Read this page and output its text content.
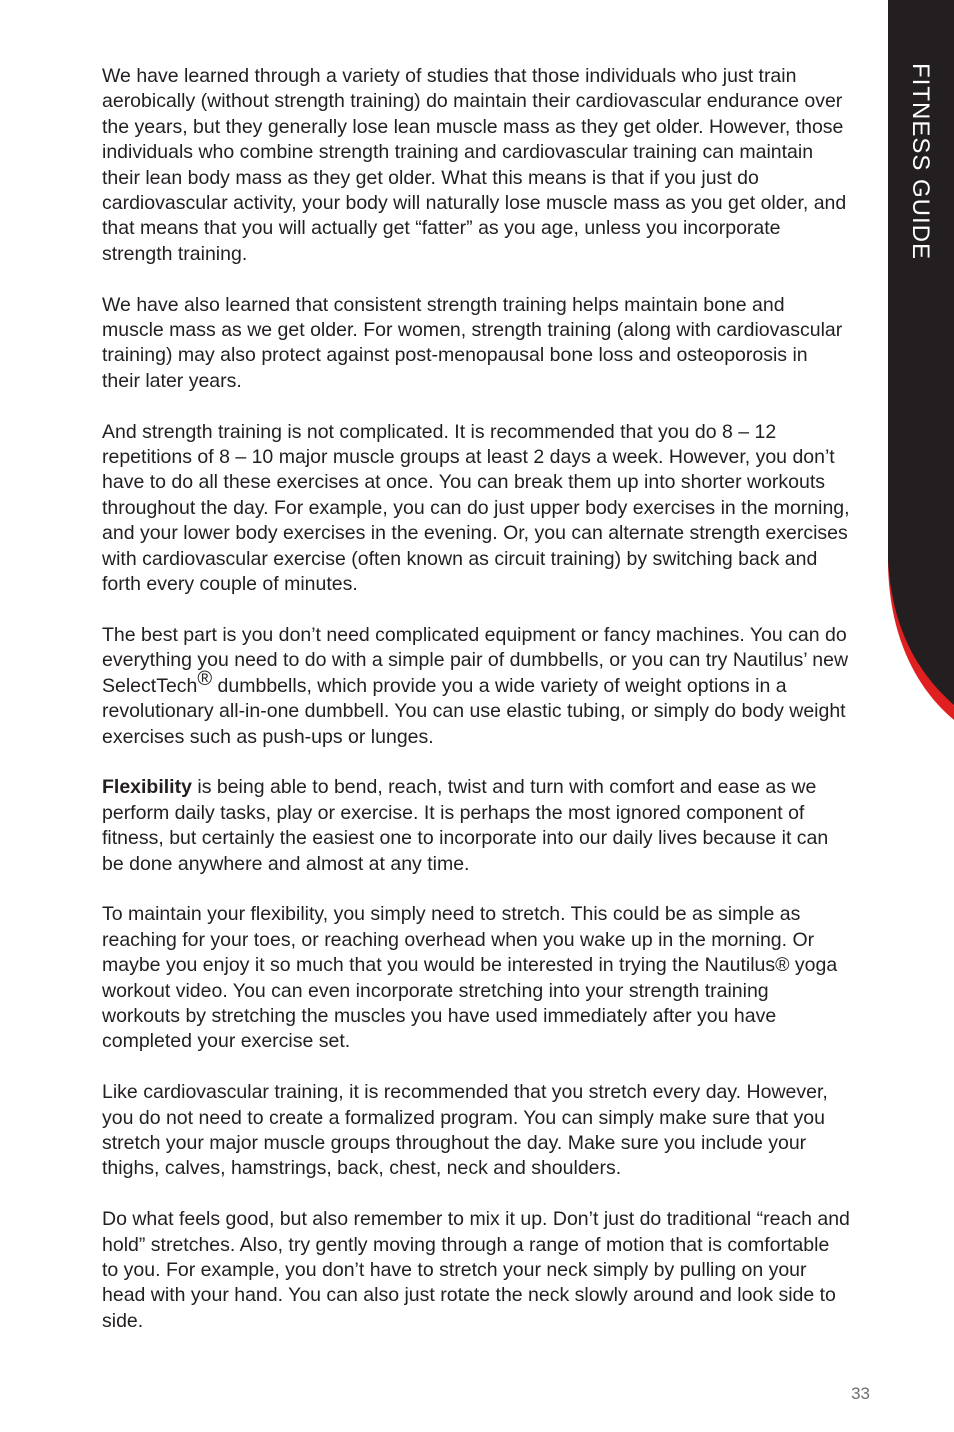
FITNESS GUIDE

We have learned through a variety of studies that those individuals who just train aerobically (without strength training) do maintain their cardiovascular endurance over the years, but they generally lose lean muscle mass as they get older. However, those individuals who combine strength training and cardiovascular training can maintain their lean body mass as they get older. What this means is that if you just do cardiovascular activity, your body will naturally lose muscle mass as you get older, and that means that you will actually get “fatter” as you age, unless you incorporate strength training.

We have also learned that consistent strength training helps maintain bone and muscle mass as we get older. For women, strength training (along with cardiovascular training) may also protect against post-menopausal bone loss and osteoporosis in their later years.

And strength training is not complicated. It is recommended that you do 8 – 12 repetitions of 8 – 10 major muscle groups at least 2 days a week. However, you don’t have to do all these exercises at once. You can break them up into shorter workouts throughout the day. For example, you can do just upper body exercises in the morning, and your lower body exercises in the evening. Or, you can alternate strength exercises with cardiovascular exercise (often known as circuit training) by switching back and forth every couple of minutes.

The best part is you don’t need complicated equipment or fancy machines. You can do everything you need to do with a simple pair of dumbbells, or you can try Nautilus’ new SelectTech® dumbbells, which provide you a wide variety of weight options in a revolutionary all-in-one dumbbell. You can use elastic tubing, or simply do body weight exercises such as push-ups or lunges.

Flexibility is being able to bend, reach, twist and turn with comfort and ease as we perform daily tasks, play or exercise. It is perhaps the most ignored component of fitness, but certainly the easiest one to incorporate into our daily lives because it can be done anywhere and almost at any time.

To maintain your flexibility, you simply need to stretch. This could be as simple as reaching for your toes, or reaching overhead when you wake up in the morning. Or maybe you enjoy it so much that you would be interested in trying the Nautilus® yoga workout video. You can even incorporate stretching into your strength training workouts by stretching the muscles you have used immediately after you have completed your exercise set.

Like cardiovascular training, it is recommended that you stretch every day. However, you do not need to create a formalized program. You can simply make sure that you stretch your major muscle groups throughout the day. Make sure you include your thighs, calves, hamstrings, back, chest, neck and shoulders.

Do what feels good, but also remember to mix it up. Don’t just do traditional “reach and hold” stretches. Also, try gently moving through a range of motion that is comfortable to you. For example, you don’t have to stretch your neck simply by pulling on your head with your hand. You can also just rotate the neck slowly around and look side to side.

33
